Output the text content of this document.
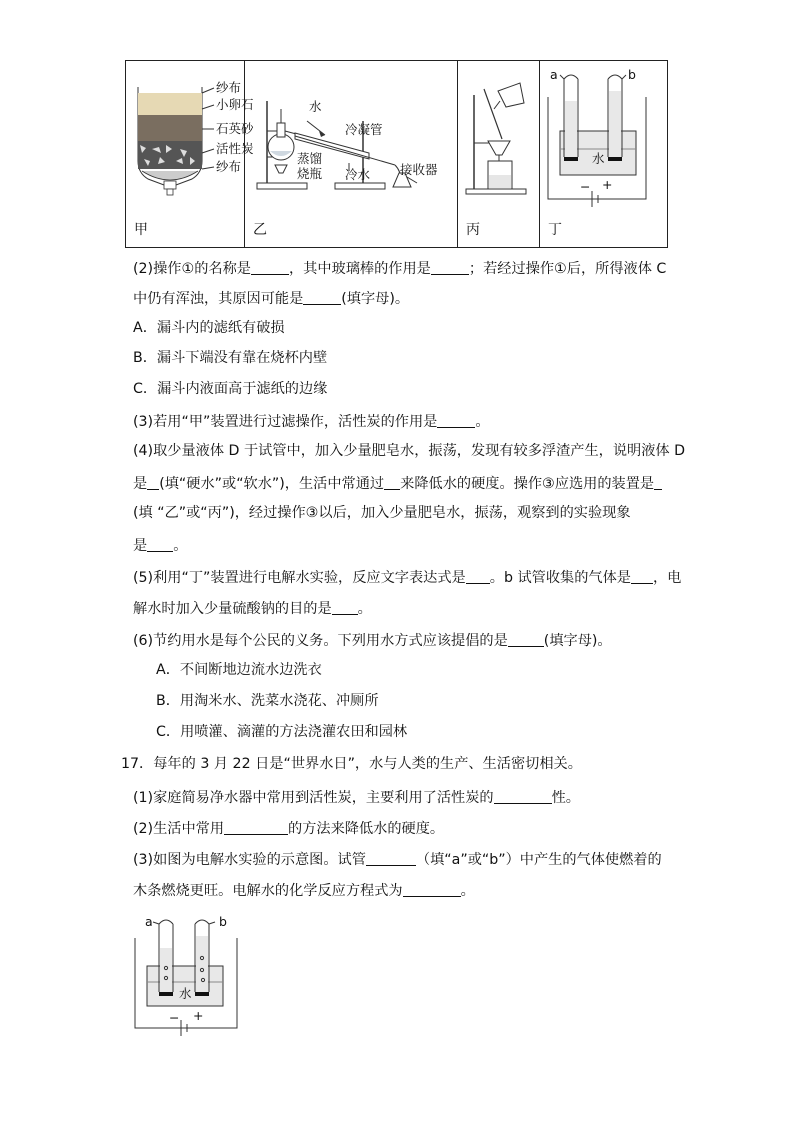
纱布
小卵石
石英砂
活性炭
纱布
甲
水
冷凝管
蒸馏
烧瓶 冷水 接收器
乙	丙
a	b
水
− +
丁
(2)操作①的名称是	，其中玻璃棒的作用是	；若经过操作①后，所得液体 C
中仍有浑浊，其原因可能是	(填字母)。
A．漏斗内的滤纸有破损
B．漏斗下端没有靠在烧杯内壁
C．漏斗内液面高于滤纸的边缘
(3)若用“甲”装置进行过滤操作，活性炭的作用是	。
(4)取少量液体 D 于试管中，加入少量肥皂水，振荡，发现有较多浮渣产生，说明液体 D
是 (填“硬水”或“软水”)，生活中常通过 来降低水的硬度。操作③应选用的装置是
(填 “乙”或“丙”)，经过操作③以后，加入少量肥皂水，振荡，观察到的实验现象
是 。
(5)利用“丁”装置进行电解水实验，反应文字表达式是 。b 试管收集的气体是 ，电
解水时加入少量硫酸钠的目的是 。
(6)节约用水是每个公民的义务。下列用水方式应该提倡的是	(填字母)。
A．不间断地边流水边洗衣
B．用淘米水、洗菜水浇花、冲厕所
C．用喷灌、滴灌的方法浇灌农田和园林
17．每年的 3 月 22 日是“世界水日”，水与人类的生产、生活密切相关。
(1)家庭简易净水器中常用到活性炭，主要利用了活性炭的	性。
(2)生活中常用	的方法来降低水的硬度。
(3)如图为电解水实验的示意图。试管	（填“a”或“b”）中产生的气体使燃着的
木条燃烧更旺。电解水的化学反应方程式为	。
a	b
水
− +
